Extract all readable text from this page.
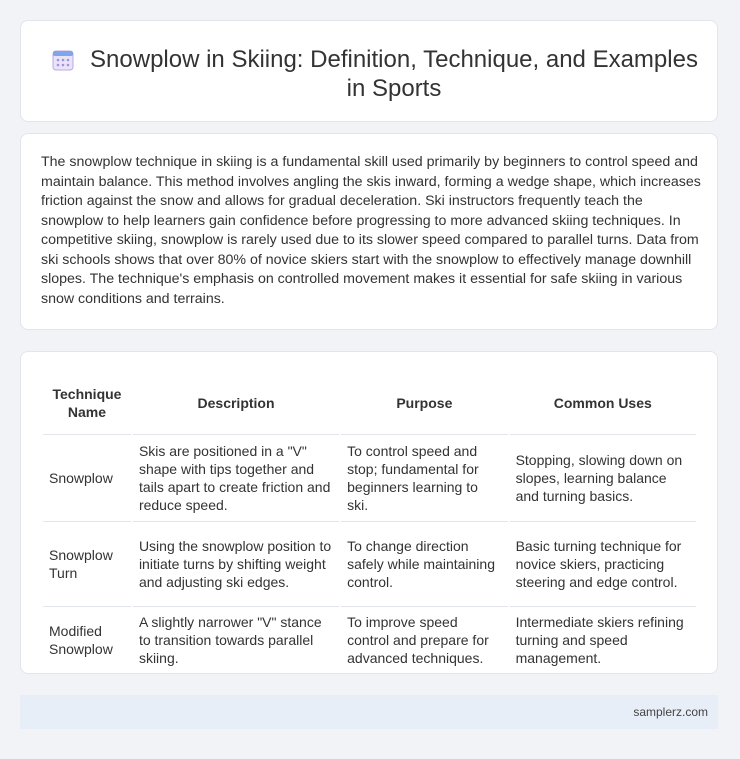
Snowplow in Skiing: Definition, Technique, and Examples in Sports

The snowplow technique in skiing is a fundamental skill used primarily by beginners to control speed and maintain balance. This method involves angling the skis inward, forming a wedge shape, which increases friction against the snow and allows for gradual deceleration. Ski instructors frequently teach the snowplow to help learners gain confidence before progressing to more advanced skiing techniques. In competitive skiing, snowplow is rarely used due to its slower speed compared to parallel turns. Data from ski schools shows that over 80% of novice skiers start with the snowplow to effectively manage downhill slopes. The technique's emphasis on controlled movement makes it essential for safe skiing in various snow conditions and terrains.

Technique Name	Description	Purpose	Common Uses
Snowplow	Skis are positioned in a "V" shape with tips together and tails apart to create friction and reduce speed.	To control speed and stop; fundamental for beginners learning to ski.	Stopping, slowing down on slopes, learning balance and turning basics.
Snowplow Turn	Using the snowplow position to initiate turns by shifting weight and adjusting ski edges.	To change direction safely while maintaining control.	Basic turning technique for novice skiers, practicing steering and edge control.
Modified Snowplow	A slightly narrower "V" stance to transition towards parallel skiing.	To improve speed control and prepare for advanced techniques.	Intermediate skiers refining turning and speed management.
samplerz.com
